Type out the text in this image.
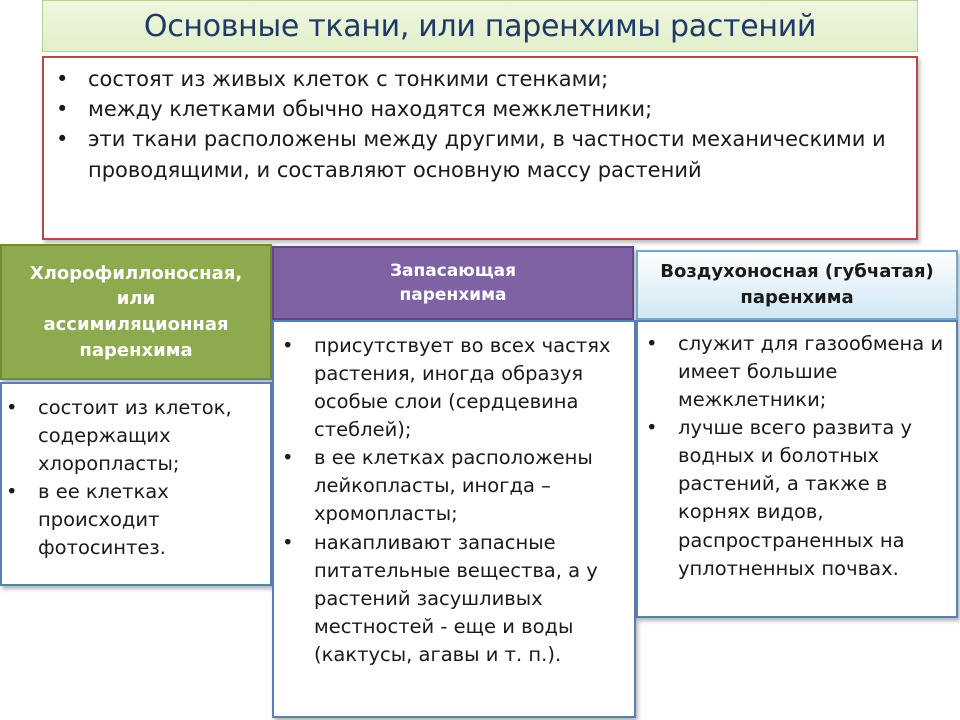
Основные ткани, или паренхимы растений
• состоят из живых клеток с тонкими стенками;
• между клетками обычно находятся межклетники;
• эти ткани расположены между другими, в частности механическими и проводящими, и составляют основную массу растений
Хлорофиллоносная,
или
ассимиляционная
паренхима
Запасающая
паренхима
Воздухоносная (губчатая)
паренхима
• состоит из клеток, содержащих хлоропласты;
• в ее клетках происходит фотосинтез.
• присутствует во всех частях растения, иногда образуя особые слои (сердцевина стеблей);
• в ее клетках расположены лейкопласты, иногда – хромопласты;
• накапливают запасные питательные вещества, а у растений засушливых местностей - еще и воды (кактусы, агавы и т. п.).
• служит для газообмена и имеет большие межклетники;
• лучше всего развита у водных и болотных растений, а также в корнях видов, распространенных на уплотненных почвах.
